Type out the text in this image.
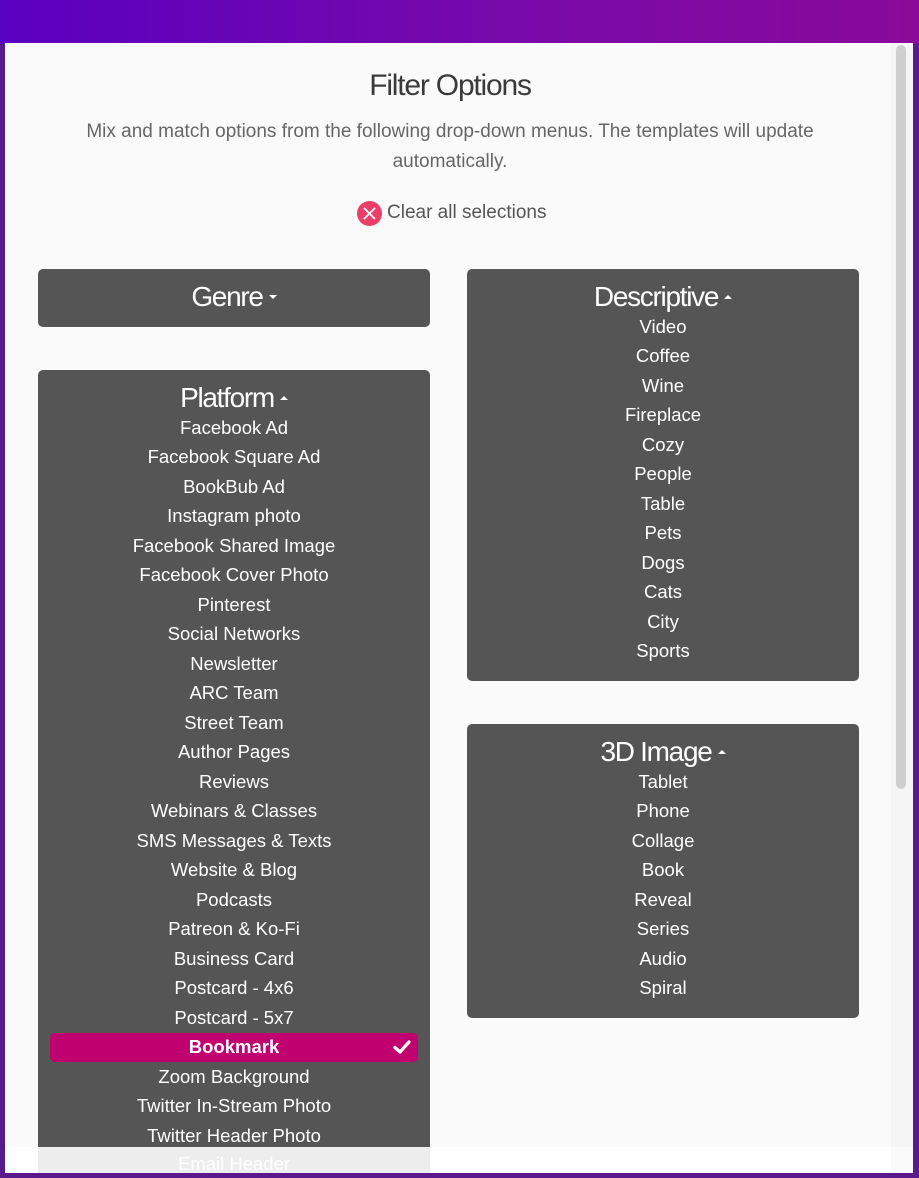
Filter Options
Mix and match options from the following drop-down menus. The templates will update automatically.
Clear all selections
Genre
Platform
Facebook Ad
Facebook Square Ad
BookBub Ad
Instagram photo
Facebook Shared Image
Facebook Cover Photo
Pinterest
Social Networks
Newsletter
ARC Team
Street Team
Author Pages
Reviews
Webinars & Classes
SMS Messages & Texts
Website & Blog
Podcasts
Patreon & Ko-Fi
Business Card
Postcard - 4x6
Postcard - 5x7
Bookmark
Zoom Background
Twitter In-Stream Photo
Twitter Header Photo
Descriptive
Video
Coffee
Wine
Fireplace
Cozy
People
Table
Pets
Dogs
Cats
City
Sports
3D Image
Tablet
Phone
Collage
Book
Reveal
Series
Audio
Spiral
Email Header
